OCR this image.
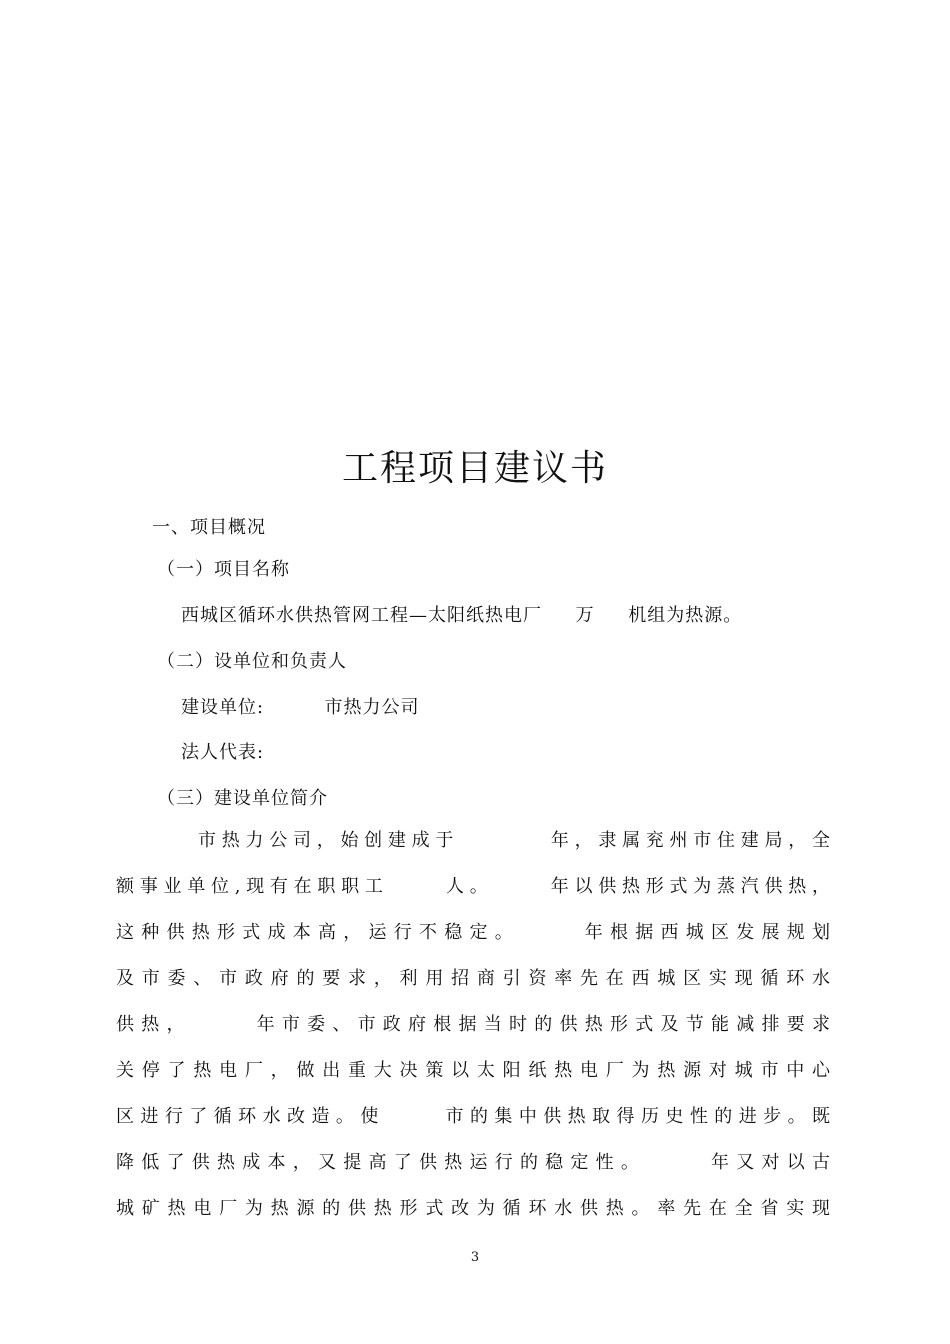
工程项目建议书
一、项目概况
（一）项目名称
西城区循环水供热管网工程—太阳纸热电厂     万     机组为热源。
（二）设单位和负责人
建设单位:         市热力公司
法人代表:
（三）建设单位简介
市热力公司，始创建成于        年，隶属兖州市住建局，全
额事业单位,现有在职职工     人。     年以供热形式为蒸汽供热，
这种供热形式成本高，运行不稳定。     年根据西城区发展规划
及市委、市政府的要求，利用招商引资率先在西城区实现循环水
供热，     年市委、市政府根据当时的供热形式及节能减排要求
关停了热电厂，做出重大决策以太阳纸热电厂为热源对城市中心
区进行了循环水改造。使     市的集中供热取得历史性的进步。既
降低了供热成本，又提高了供热运行的稳定性。     年又对以古
城矿热电厂为热源的供热形式改为循环水供热。率先在全省实现
3
